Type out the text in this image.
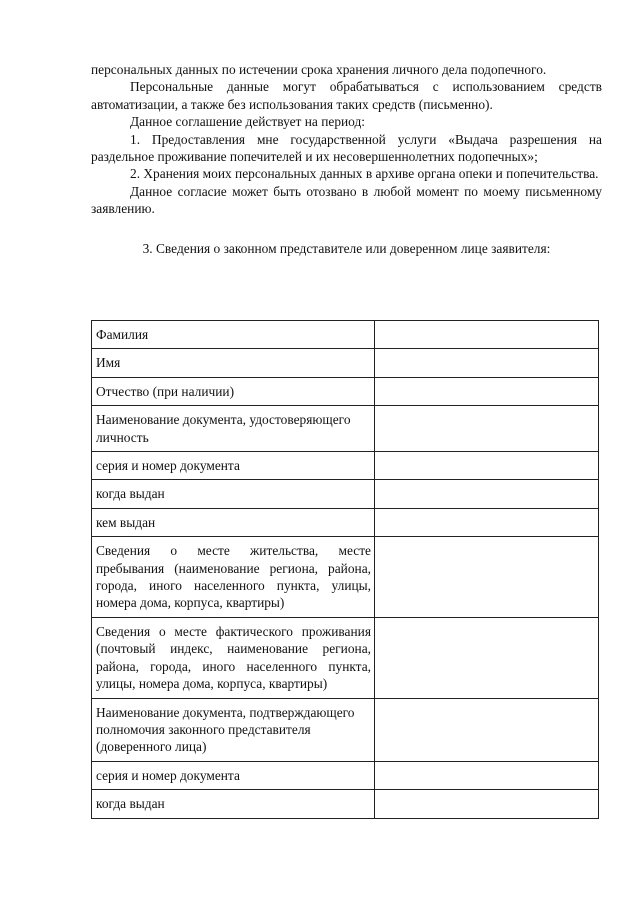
персональных данных по истечении срока хранения личного дела подопечного.

Персональные данные могут обрабатываться с использованием средств автоматизации, а также без использования таких средств (письменно).

Данное соглашение действует на период:

1. Предоставления мне государственной услуги «Выдача разрешения на раздельное проживание попечителей и их несовершеннолетних подопечных»;

2. Хранения моих персональных данных в архиве органа опеки и попечительства.

Данное согласие может быть отозвано в любой момент по моему письменному заявлению.

3. Сведения о законном представителе или доверенном лице заявителя:

Фамилия	
Имя	
Отчество (при наличии)	
Наименование документа, удостоверяющего личность	
серия и номер документа	
когда выдан	
кем выдан	
Сведения о месте жительства, месте пребывания (наименование региона, района, города, иного населенного пункта, улицы, номера дома, корпуса, квартиры)	
Сведения о месте фактического проживания (почтовый индекс, наименование региона, района, города, иного населенного пункта, улицы, номера дома, корпуса, квартиры)	
Наименование документа, подтверждающего полномочия законного представителя (доверенного лица)	
серия и номер документа	
когда выдан	
